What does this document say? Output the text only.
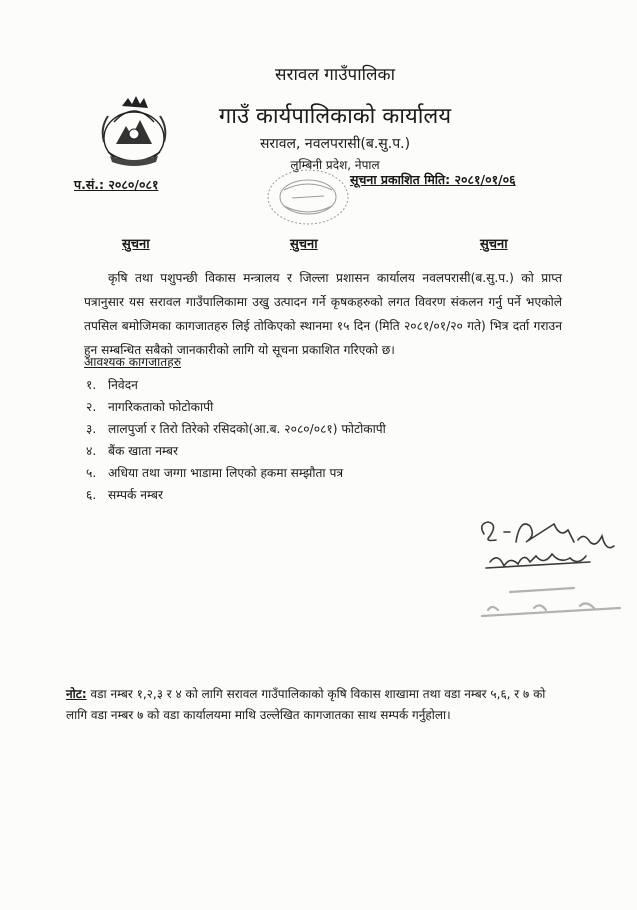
सरावल गाउँपालिका
गाउँ कार्यपालिकाको कार्यालय
सरावल, नवलपरासी(ब.सु.प.)
लुम्बिनी प्रदेश, नेपाल
प.सं.: २०८०/०८१	सूचना प्रकाशित मिति: २०८१/०१/०६
सुचना	सुचना	सुचना
कृषि तथा पशुपन्छी विकास मन्त्रालय र जिल्ला प्रशासन कार्यालय नवलपरासी(ब.सु.प.) को प्राप्त पत्रानुसार यस सरावल गाउँपालिकामा उखु उत्पादन गर्ने कृषकहरुको लगत विवरण संकलन गर्नु पर्ने भएकोले तपसिल बमोजिमका कागजातहरु लिई तोकिएको स्थानमा १५ दिन (मिति २०८१/०१/२० गते) भित्र दर्ता गराउन हुन सम्बन्धित सबैको जानकारीको लागि यो सूचना प्रकाशित गरिएको छ।
आवश्यक कागजातहरु
१. निवेदन
२. नागरिकताको फोटोकापी
३. लालपुर्जा र तिरो तिरेको रसिदको(आ.ब. २०८०/०८१) फोटोकापी
४. बैंक खाता नम्बर
५. अधिया तथा जग्गा भाडामा लिएको हकमा सम्झौता पत्र
६. सम्पर्क नम्बर
नोट: वडा नम्बर १,२,३ र ४ को लागि सरावल गाउँपालिकाको कृषि विकास शाखामा तथा वडा नम्बर ५,६, र ७ को लागि वडा नम्बर ७ को वडा कार्यालयमा माथि उल्लेखित कागजातका साथ सम्पर्क गर्नुहोला।
